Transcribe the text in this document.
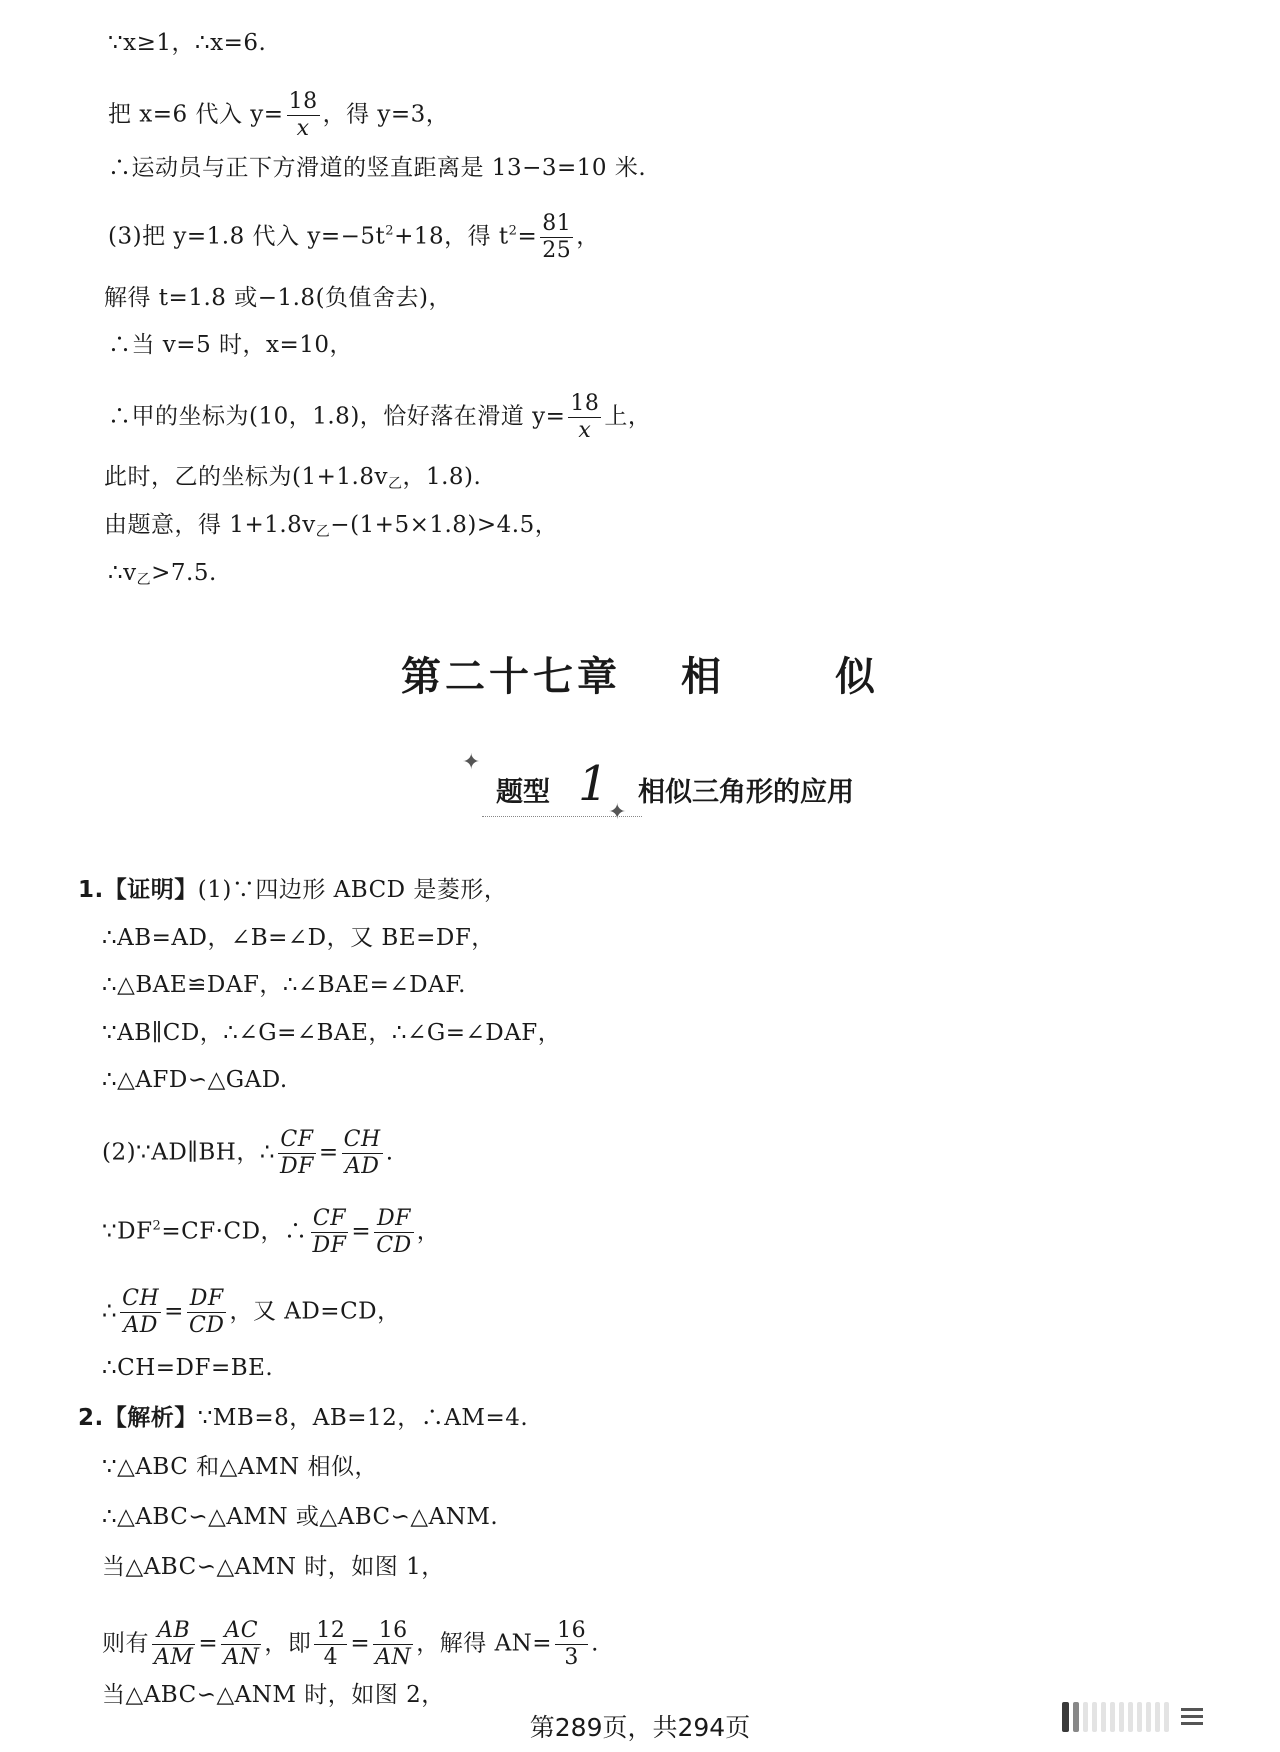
∵x≥1，∴x=6.
把 x=6 代入 $y= \frac{18}{x}$ ，得 y=3，
∴运动员与正下方滑道的竖直距离是 13−3=10 米.
(3)把 y=1.8 代入 $y=-5t^2+18$，得 $t^2= \frac{81}{25}$ ，
解得 t=1.8 或−1.8(负值舍去)，
∴当 v=5 时，x=10，
∴甲的坐标为(10，1.8)，恰好落在滑道 $y= \frac{18}{x}$ 上，
此时，乙的坐标为($1+1.8v_乙$，1.8).
由题意，得 $1+1.8v_乙-(1+5\times 1.8)>4.5$，
$\therefore v_乙>7.5$.
第二十七章 相	似
✦
题型 1 相似三角形的应用
✦
1.【证明】(1)∵四边形 ABCD 是菱形，
∴AB=AD，∠B=∠D，又 BE=DF，
∴△BAE≌DAF，∴∠BAE=∠DAF.
∵AB∥CD，∴∠G=∠BAE，∴∠G=∠DAF，
∴△AFD∽△GAD.
(2)∵AD∥BH，∴ $\frac{CF}{DF} = \frac{CH}{AD}$ .
$\because DF^2=CF\cdot CD$，∴ $\frac{CF}{DF} = \frac{DF}{CD}$ ，
∴ $\frac{CH}{AD} = \frac{DF}{CD}$ ，又 AD=CD，
∴CH=DF=BE.
2.【解析】∵MB=8，AB=12，∴AM=4.
∵△ABC 和△AMN 相似，
∴△ABC∽△AMN 或△ABC∽△ANM.
当△ABC∽△AMN 时，如图 1，
则有 $\frac{AB}{AM} = \frac{AC}{AN}$ ，即 $\frac{12}{4} = \frac{16}{AN}$ ，解得 $AN= \frac{16}{3}$ .
当△ABC∽△ANM 时，如图 2，
第289页，共294页
